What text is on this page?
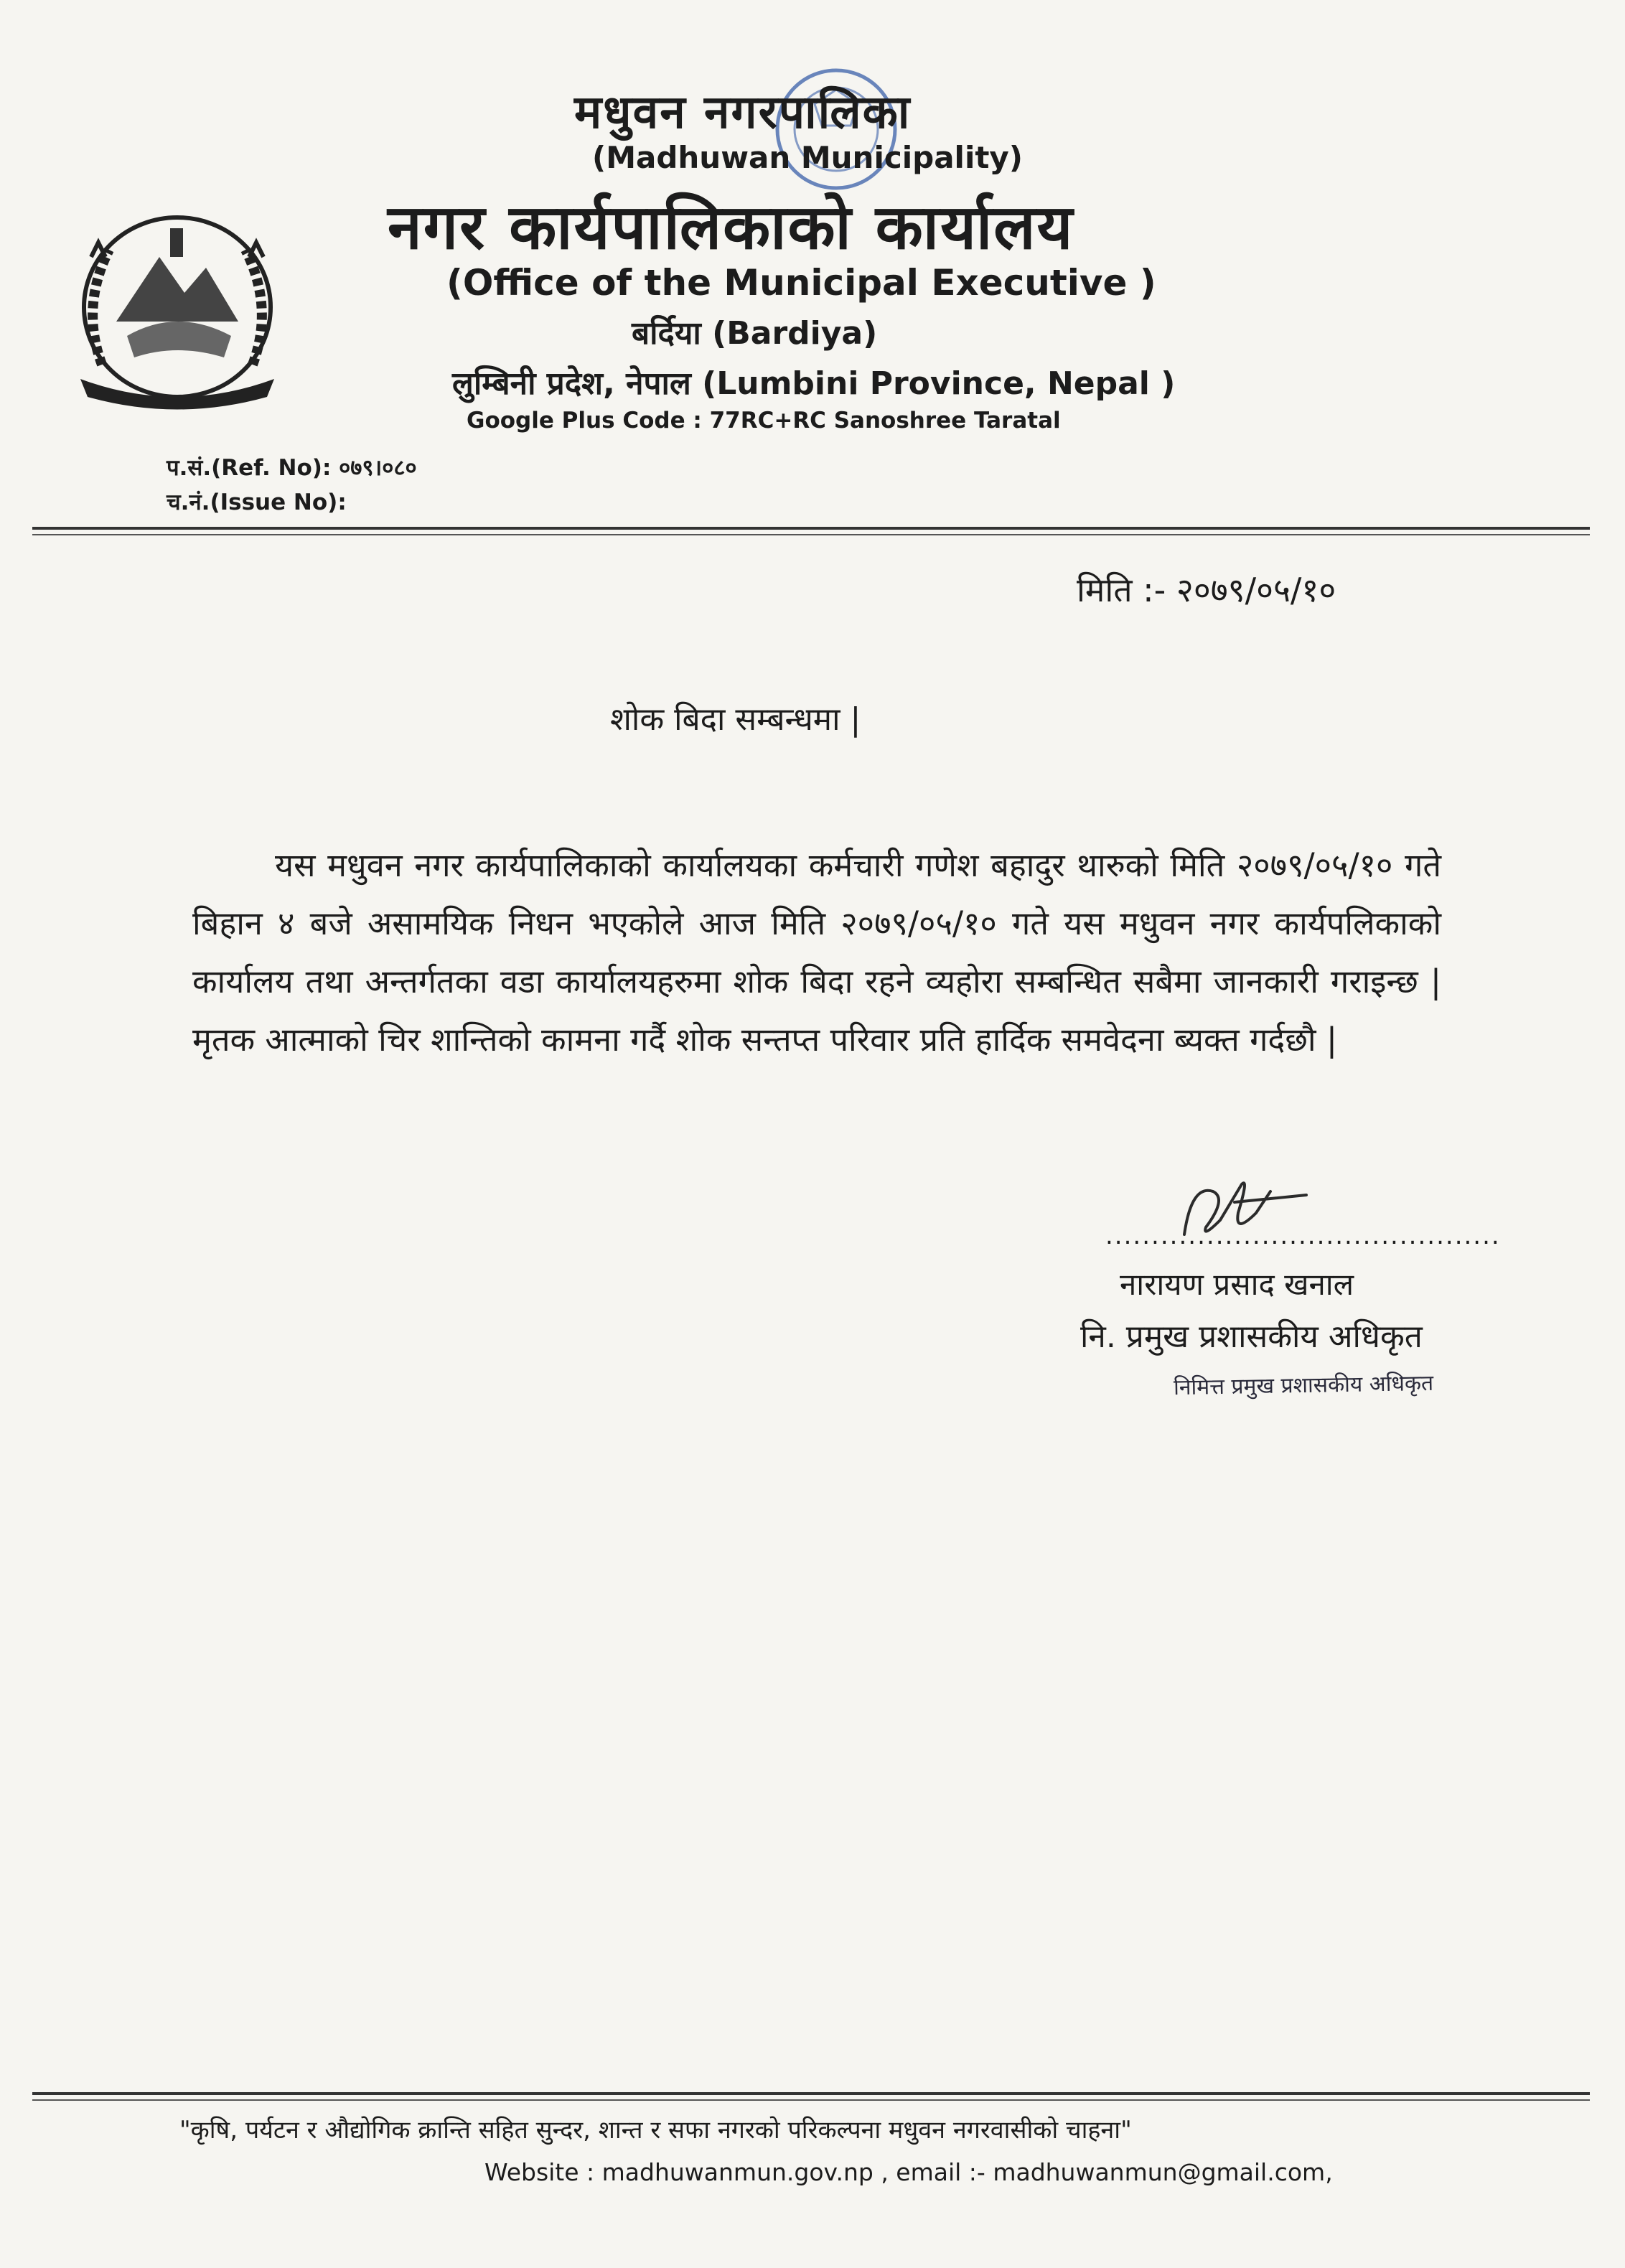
मधुवन नगरपालिका
(Madhuwan Municipality)
नगर कार्यपालिकाको कार्यालय
(Office of the Municipal Executive )
बर्दिया (Bardiya)
लुम्बिनी प्रदेश, नेपाल (Lumbini Province, Nepal )
Google Plus Code : 77RC+RC Sanoshree Taratal
प.सं.(Ref. No): ०७९।०८०
च.नं.(Issue No):
मिति :- २०७९/०५/१०
शोक बिदा सम्बन्धमा |
यस मधुवन नगर कार्यपालिकाको कार्यालयका कर्मचारी गणेश बहादुर थारुको मिति २०७९/०५/१० गते बिहान ४ बजे असामयिक निधन भएकोले आज मिति २०७९/०५/१० गते यस मधुवन नगर कार्यपलिकाको कार्यालय तथा अन्तर्गतका वडा कार्यालयहरुमा शोक बिदा रहने व्यहोरा सम्बन्धित सबैमा जानकारी गराइन्छ | मृतक आत्माको चिर शान्तिको कामना गर्दै शोक सन्तप्त परिवार प्रति हार्दिक समवेदना ब्यक्त गर्दछौ |
...........................................
नारायण प्रसाद खनाल
नि. प्रमुख प्रशासकीय अधिकृत
निमित्त प्रमुख प्रशासकीय अधिकृत
"कृषि, पर्यटन र औद्योगिक क्रान्ति सहित सुन्दर, शान्त र सफा नगरको परिकल्पना मधुवन नगरवासीको चाहना"
Website : madhuwanmun.gov.np , email :- madhuwanmun@gmail.com,
